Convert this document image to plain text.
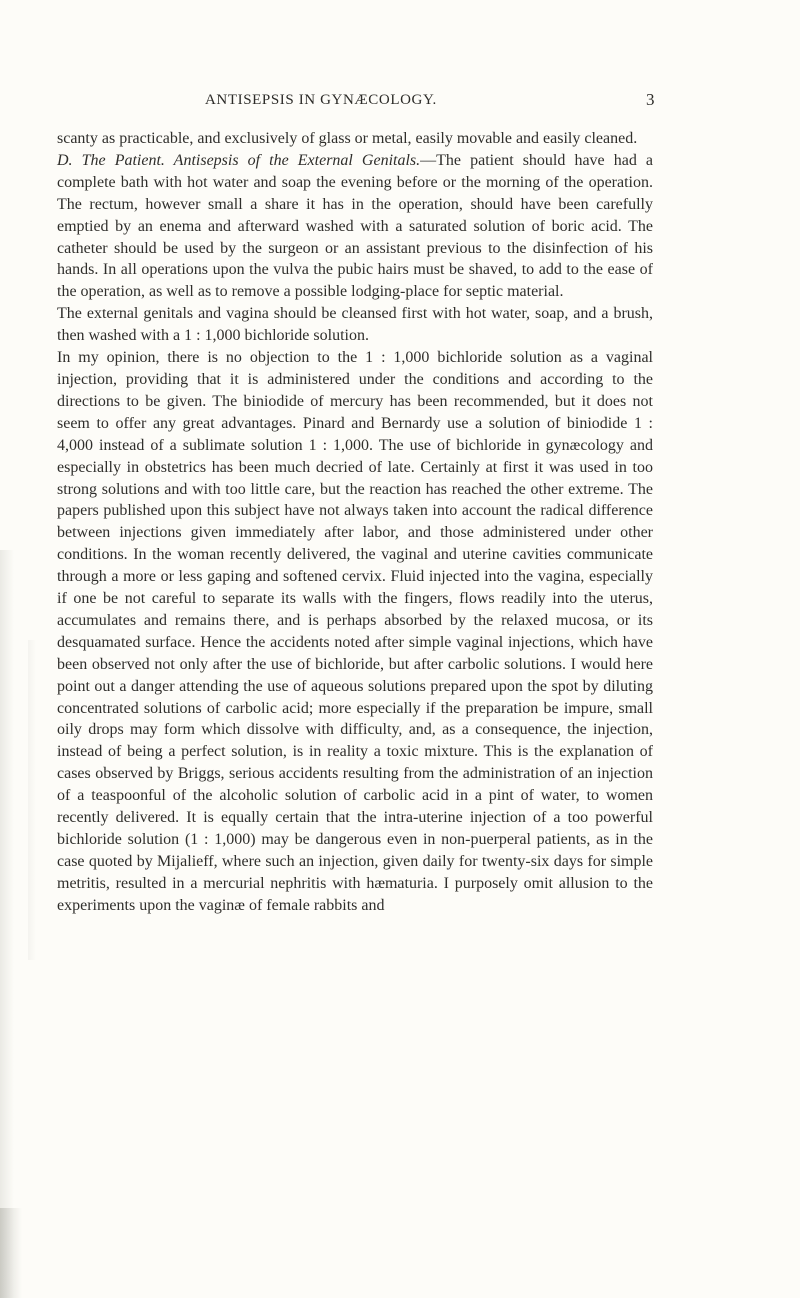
ANTISEPSIS IN GYNÆCOLOGY.	3

scanty as practicable, and exclusively of glass or metal, easily movable and easily cleaned.

D. The Patient. Antisepsis of the External Genitals.—The patient should have had a complete bath with hot water and soap the evening before or the morning of the operation. The rectum, however small a share it has in the operation, should have been carefully emptied by an enema and afterward washed with a saturated solution of boric acid. The catheter should be used by the surgeon or an assistant previous to the disinfection of his hands. In all operations upon the vulva the pubic hairs must be shaved, to add to the ease of the operation, as well as to remove a possible lodging-place for septic material.

The external genitals and vagina should be cleansed first with hot water, soap, and a brush, then washed with a 1 : 1,000 bichloride solution.

In my opinion, there is no objection to the 1 : 1,000 bichloride solution as a vaginal injection, providing that it is administered under the conditions and according to the directions to be given. The biniodide of mercury has been recommended, but it does not seem to offer any great advantages. Pinard and Bernardy use a solution of biniodide 1 : 4,000 instead of a sublimate solution 1 : 1,000. The use of bichloride in gynæcology and especially in obstetrics has been much decried of late. Certainly at first it was used in too strong solutions and with too little care, but the reaction has reached the other extreme. The papers published upon this subject have not always taken into account the radical difference between injections given immediately after labor, and those administered under other conditions. In the woman recently delivered, the vaginal and uterine cavities communicate through a more or less gaping and softened cervix. Fluid injected into the vagina, especially if one be not careful to separate its walls with the fingers, flows readily into the uterus, accumulates and remains there, and is perhaps absorbed by the relaxed mucosa, or its desquamated surface. Hence the accidents noted after simple vaginal injections, which have been observed not only after the use of bichloride, but after carbolic solutions. I would here point out a danger attending the use of aqueous solutions prepared upon the spot by diluting concentrated solutions of carbolic acid; more especially if the preparation be impure, small oily drops may form which dissolve with difficulty, and, as a consequence, the injection, instead of being a perfect solution, is in reality a toxic mixture. This is the explanation of cases observed by Briggs, serious accidents resulting from the administration of an injection of a teaspoonful of the alcoholic solution of carbolic acid in a pint of water, to women recently delivered. It is equally certain that the intra-uterine injection of a too powerful bichloride solution (1 : 1,000) may be dangerous even in non-puerperal patients, as in the case quoted by Mijalieff, where such an injection, given daily for twenty-six days for simple metritis, resulted in a mercurial nephritis with hæmaturia. I purposely omit allusion to the experiments upon the vaginæ of female rabbits and
